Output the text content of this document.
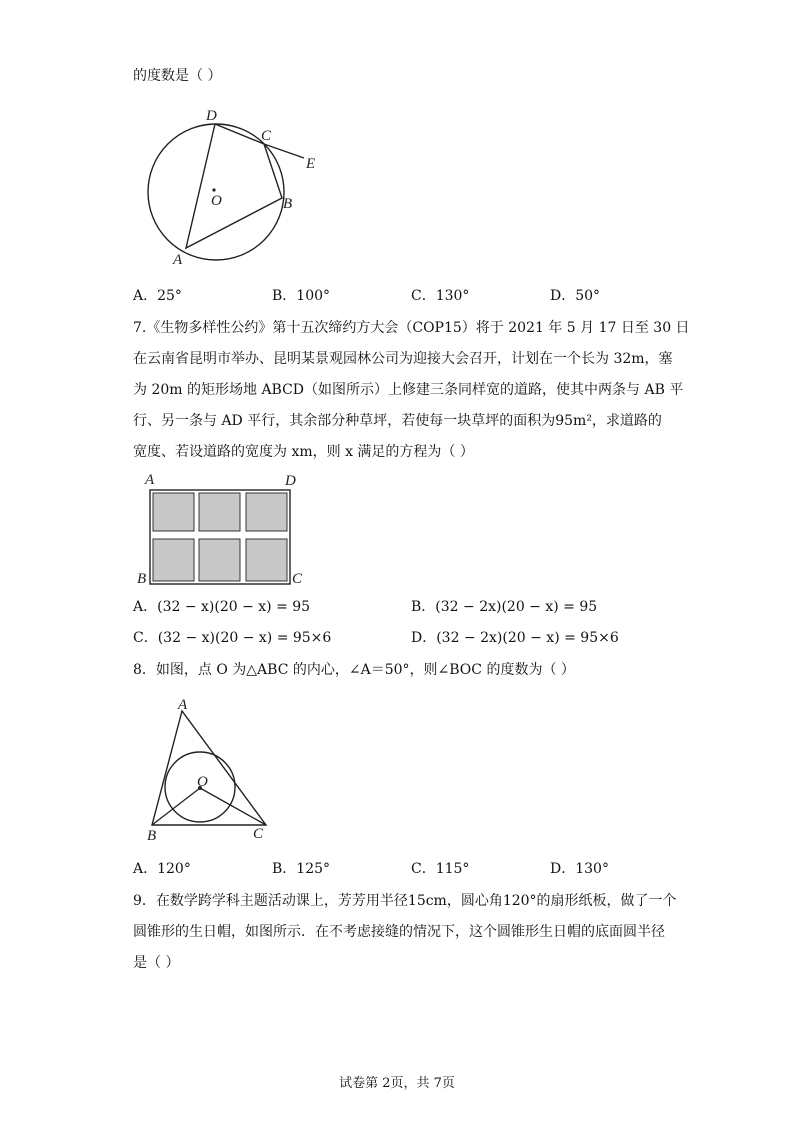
的度数是（ ）
D
C
E
O	B
A
A．25°	B．100°	C．130°	D．50°
7.《生物多样性公约》第十五次缔约方大会（COP15）将于 2021 年 5 月 17 日至 30 日
在云南省昆明市举办、昆明某景观园林公司为迎接大会召开，计划在一个长为 32m，塞
为 20m 的矩形场地 ABCD（如图所示）上修建三条同样宽的道路，使其中两条与 AB 平
行、另一条与 AD 平行，其余部分种草坪，若使每一块草坪的面积为95m²，求道路的
宽度、若设道路的宽度为 xm，则 x 满足的方程为（ ）
A	D
B	C
A．(32 − x)(20 − x) = 95	B．(32 − 2x)(20 − x) = 95
C．(32 − x)(20 − x) = 95×6	D．(32 − 2x)(20 − x) = 95×6
8．如图，点 O 为△ABC 的内心，∠A＝50°，则∠BOC 的度数为（ ）
A
O
B	C
A．120°	B．125°	C．115°	D．130°
9．在数学跨学科主题活动课上，芳芳用半径15cm，圆心角120°的扇形纸板，做了一个
圆锥形的生日帽，如图所示．在不考虑接缝的情况下，这个圆锥形生日帽的底面圆半径
是（ ）
试卷第 2页，共 7页
